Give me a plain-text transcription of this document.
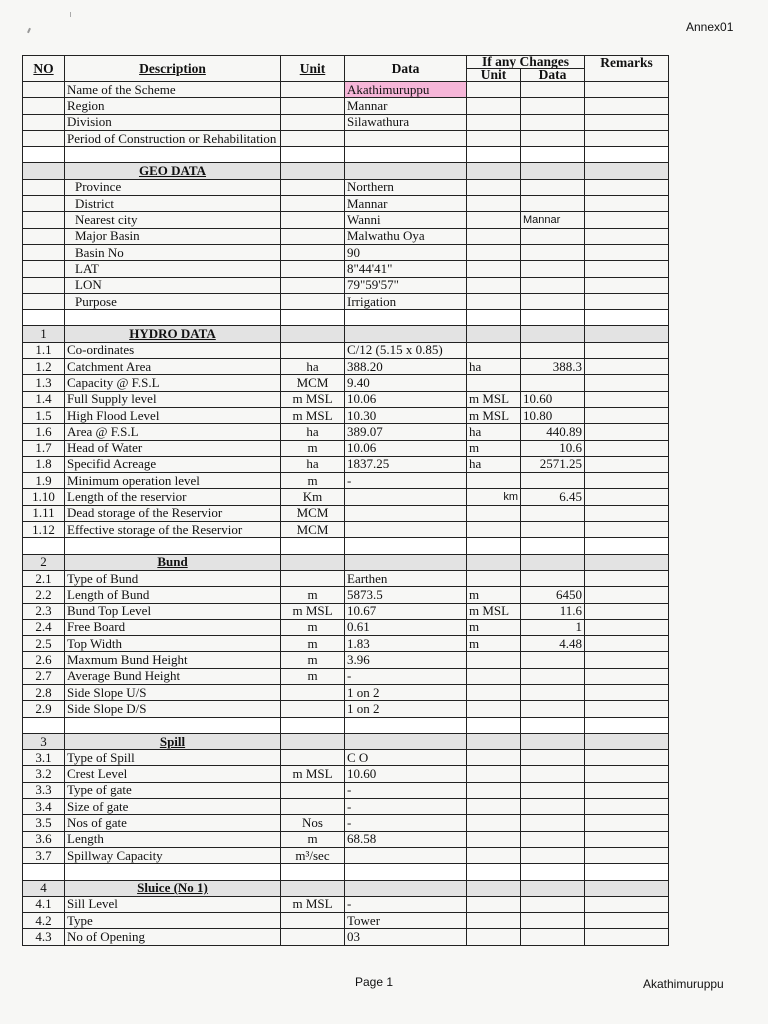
Annex01
NO	Description	Unit	Data	If any Changes		Remarks
				Unit	Data	
	Name of the Scheme		Akathimuruppu			
	Region		Mannar			
	Division		Silawathura			
	Period of Construction or Rehabilitation					

	GEO DATA					
	Province		Northern			
	District		Mannar			
	Nearest city		Wanni		Mannar	
	Major Basin		Malwathu Oya			
	Basin No		90			
	LAT		8"44'41"			
	LON		79"59'57"			
	Purpose		Irrigation			

1	HYDRO DATA					
1.1	Co-ordinates		C/12 (5.15 x 0.85)			
1.2	Catchment Area	ha	388.20	ha	388.3	
1.3	Capacity @ F.S.L	MCM	9.40			
1.4	Full Supply level	m MSL	10.06	m MSL	10.60	
1.5	High Flood Level	m MSL	10.30	m MSL	10.80	
1.6	Area @ F.S.L	ha	389.07	ha	440.89	
1.7	Head of Water	m	10.06	m	10.6	
1.8	Specifid Acreage	ha	1837.25	ha	2571.25	
1.9	Minimum operation level	m	-			
1.10	Length of the reservior	Km		km	6.45	
1.11	Dead storage of the Reservior	MCM				
1.12	Effective storage of the Reservior	MCM				

2	Bund					
2.1	Type of Bund		Earthen			
2.2	Length of Bund	m	5873.5	m	6450	
2.3	Bund Top Level	m MSL	10.67	m MSL	11.6	
2.4	Free Board	m	0.61	m	1	
2.5	Top Width	m	1.83	m	4.48	
2.6	Maxmum Bund Height	m	3.96			
2.7	Average Bund Height	m	-			
2.8	Side Slope U/S		1 on 2			
2.9	Side Slope D/S		1 on 2			

3	Spill					
3.1	Type of Spill		C O			
3.2	Crest Level	m MSL	10.60			
3.3	Type of gate		-			
3.4	Size of gate		-			
3.5	Nos of gate	Nos	-			
3.6	Length	m	68.58			
3.7	Spillway Capacity	m³/sec				

4	Sluice (No 1)					
4.1	Sill Level	m MSL	-			
4.2	Type		Tower			
4.3	No of Opening		03			
Page 1	Akathimuruppu
